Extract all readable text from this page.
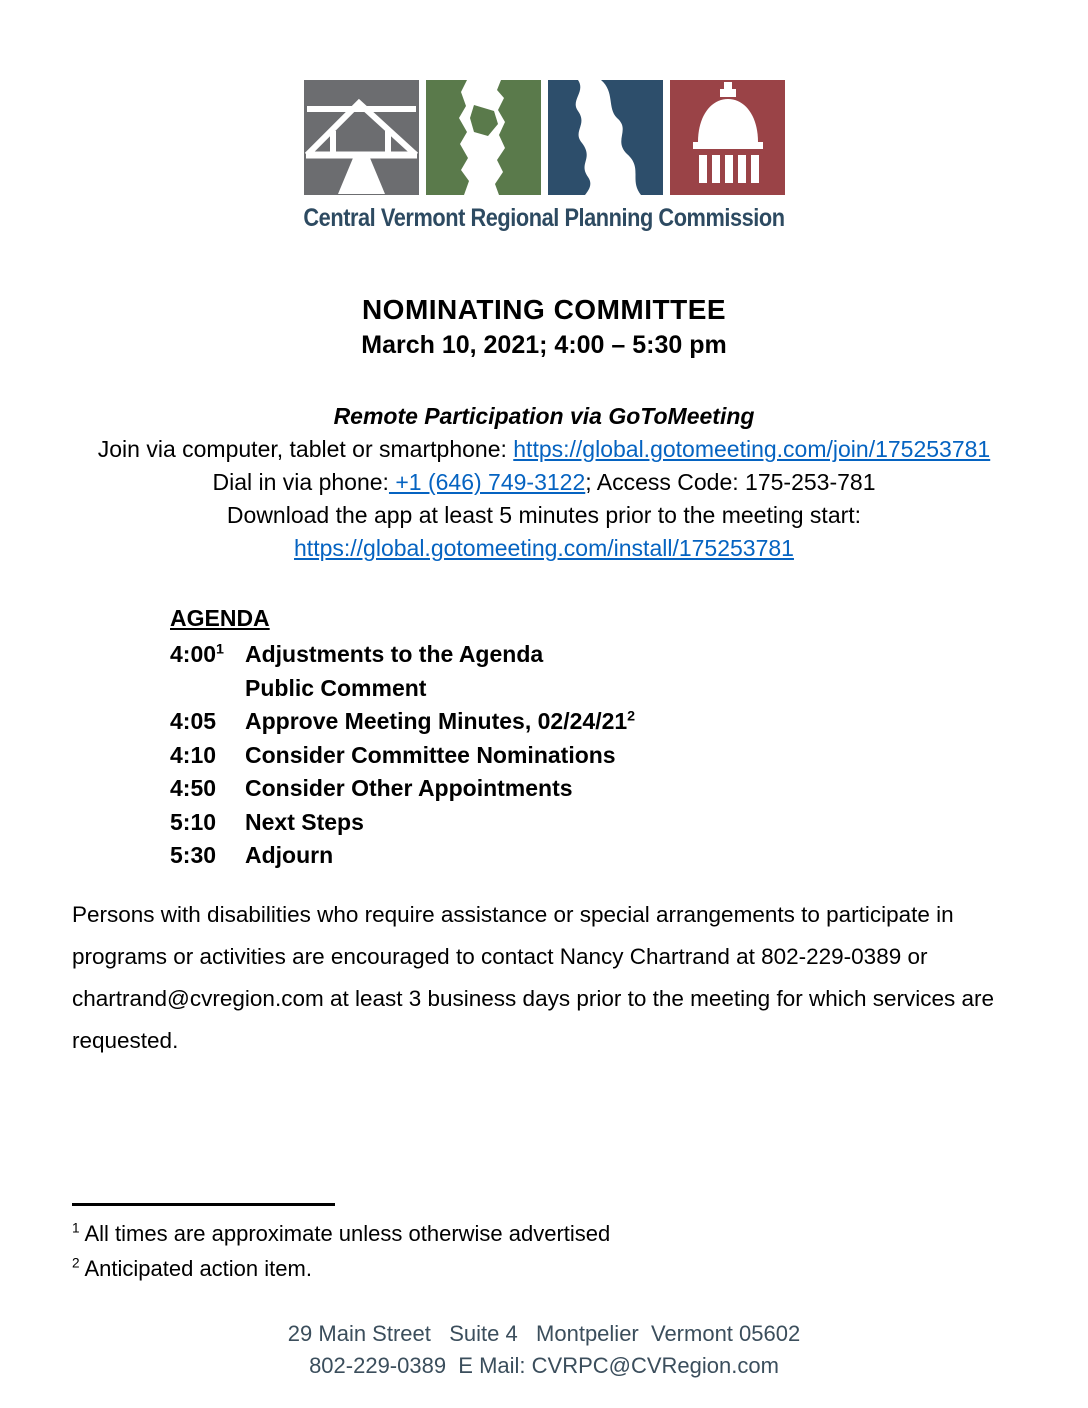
Central Vermont Regional Planning Commission
NOMINATING COMMITTEE
March 10, 2021; 4:00 – 5:30 pm
Remote Participation via GoToMeeting
Join via computer, tablet or smartphone: https://global.gotomeeting.com/join/175253781
Dial in via phone: +1 (646) 749-3122; Access Code: 175-253-781
Download the app at least 5 minutes prior to the meeting start:
https://global.gotomeeting.com/install/175253781
AGENDA
$4:00^1$ Adjustments to the Agenda
Public Comment
4:05	Approve Meeting Minutes, $02/24/21^2$
4:10	Consider Committee Nominations
4:50	Consider Other Appointments
5:10	Next Steps
5:30	Adjourn

Persons with disabilities who require assistance or special arrangements to participate in programs or activities are encouraged to contact Nancy Chartrand at 802-229-0389 or chartrand@cvregion.com at least 3 business days prior to the meeting for which services are requested.

$^1$ All times are approximate unless otherwise advertised
$^2$ Anticipated action item.
29 Main Street   Suite 4   Montpelier  Vermont 05602
802-229-0389  E Mail: CVRPC@CVRegion.com
